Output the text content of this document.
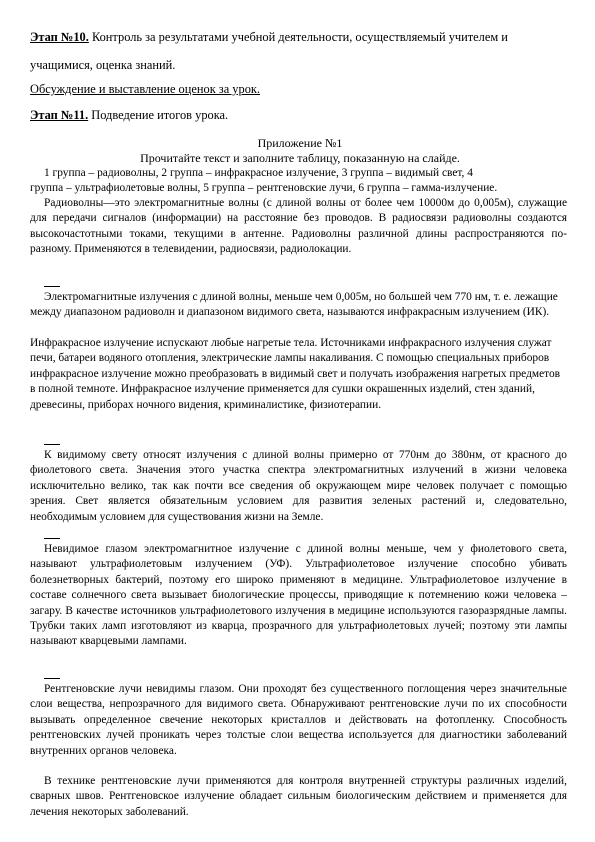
Этап №10. Контроль за результатами учебной деятельности, осуществляемый учителем и
учащимися, оценка знаний.
Обсуждение и выставление оценок за урок.
Этап №11. Подведение итогов урока.
Приложение №1
Прочитайте текст и заполните таблицу, показанную на слайде.
1 группа – радиоволны, 2 группа – инфракрасное излучение, 3 группа – видимый свет, 4
группа – ультрафиолетовые волны, 5 группа – рентгеновские лучи, 6 группа – гамма-излучение.
Радиоволны—это электромагнитные волны (с длиной волны от более чем 10000м до 0,005м), служащие для передачи сигналов (информации) на расстояние без проводов. В радиосвязи радиоволны создаются высокочастотными токами, текущими в антенне. Радиоволны различной длины распространяются по-разному. Применяются в телевидении, радиосвязи, радиолокации.
Электромагнитные излучения с длиной волны, меньше чем 0,005м, но большей чем 770 нм, т. е. лежащие между диапазоном радиоволн и диапазоном видимого света, называются инфракрасным излучением (ИК).
Инфракрасное излучение испускают любые нагретые тела. Источниками инфракрасного излучения служат печи, батареи водяного отопления, электрические лампы накаливания. С помощью специальных приборов инфракрасное излучение можно преобразовать в видимый свет и получать изображения нагретых предметов в полной темноте. Инфракрасное излучение применяется для сушки окрашенных изделий, стен зданий, древесины, приборах ночного видения, криминалистике, физиотерапии.
К видимому свету относят излучения с длиной волны примерно от 770нм до 380нм, от красного до фиолетового света. Значения этого участка спектра электромагнитных излучений в жизни человека исключительно велико, так как почти все сведения об окружающем мире человек получает с помощью зрения. Свет является обязательным условием для развития зеленых растений и, следовательно, необходимым условием для существования жизни на Земле.
Невидимое глазом электромагнитное излучение с длиной волны меньше, чем у фиолетового света, называют ультрафиолетовым излучением (УФ). Ультрафиолетовое излучение способно убивать болезнетворных бактерий, поэтому его широко применяют в медицине. Ультрафиолетовое излучение в составе солнечного света вызывает биологические процессы, приводящие к потемнению кожи человека – загару. В качестве источников ультрафиолетового излучения в медицине используются газоразрядные лампы. Трубки таких ламп изготовляют из кварца, прозрачного для ультрафиолетовых лучей; поэтому эти лампы называют кварцевыми лампами.
Рентгеновские лучи невидимы глазом. Они проходят без существенного поглощения через значительные слои вещества, непрозрачного для видимого света. Обнаруживают рентгеновские лучи по их способности вызывать определенное свечение некоторых кристаллов и действовать на фотопленку. Способность рентгеновских лучей проникать через толстые слои вещества используется для диагностики заболеваний внутренних органов человека.
В технике рентгеновские лучи применяются для контроля внутренней структуры различных изделий, сварных швов. Рентгеновское излучение обладает сильным биологическим действием и применяется для лечения некоторых заболеваний.
